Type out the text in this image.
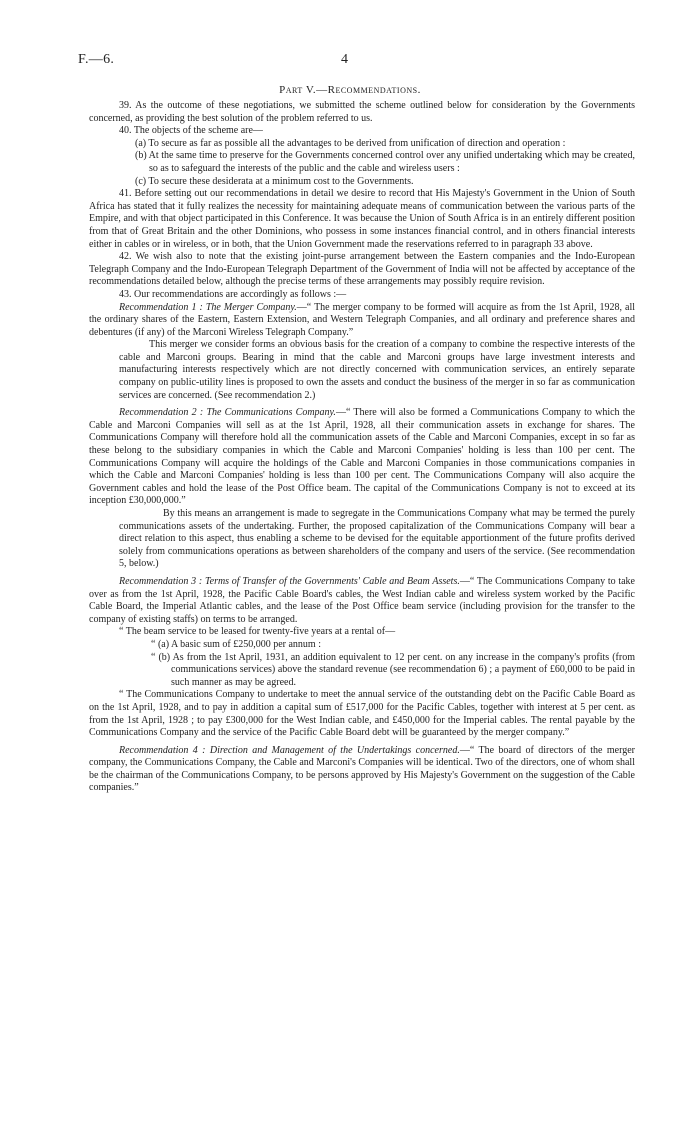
F.—6.	4
Part V.—Recommendations.

39. As the outcome of these negotiations, we submitted the scheme outlined below for consideration by the Governments concerned, as providing the best solution of the problem referred to us.

40. The objects of the scheme are—

(a) To secure as far as possible all the advantages to be derived from unification of direction and operation :
(b) At the same time to preserve for the Governments concerned control over any unified undertaking which may be created, so as to safeguard the interests of the public and the cable and wireless users :
(c) To secure these desiderata at a minimum cost to the Governments.

41. Before setting out our recommendations in detail we desire to record that His Majesty's Government in the Union of South Africa has stated that it fully realizes the necessity for maintaining adequate means of communication between the various parts of the Empire, and with that object participated in this Conference. It was because the Union of South Africa is in an entirely different position from that of Great Britain and the other Dominions, who possess in some instances financial control, and in others financial interests either in cables or in wireless, or in both, that the Union Government made the reservations referred to in paragraph 33 above.

42. We wish also to note that the existing joint-purse arrangement between the Eastern companies and the Indo-European Telegraph Company and the Indo-European Telegraph Department of the Government of India will not be affected by acceptance of the recommendations detailed below, although the precise terms of these arrangements may possibly require revision.

43. Our recommendations are accordingly as follows :—

Recommendation 1 : The Merger Company.—“ The merger company to be formed will acquire as from the 1st April, 1928, all the ordinary shares of the Eastern, Eastern Extension, and Western Telegraph Companies, and all ordinary and preference shares and debentures (if any) of the Marconi Wireless Telegraph Company.”

This merger we consider forms an obvious basis for the creation of a company to combine the respective interests of the cable and Marconi groups. Bearing in mind that the cable and Marconi groups have large investment interests and manufacturing interests respectively which are not directly concerned with communication services, an entirely separate company on public-utility lines is proposed to own the assets and conduct the business of the merger in so far as communication services are concerned. (See recommendation 2.)

Recommendation 2 : The Communications Company.—“ There will also be formed a Communications Company to which the Cable and Marconi Companies will sell as at the 1st April, 1928, all their communication assets in exchange for shares. The Communications Company will therefore hold all the communication assets of the Cable and Marconi Companies, except in so far as these belong to the subsidiary companies in which the Cable and Marconi Companies' holding is less than 100 per cent. The Communications Company will acquire the holdings of the Cable and Marconi Companies in those communications companies in which the Cable and Marconi Companies' holding is less than 100 per cent. The Communications Company will also acquire the Government cables and hold the lease of the Post Office beam. The capital of the Communications Company is not to exceed at its inception £30,000,000.”

By this means an arrangement is made to segregate in the Communications Company what may be termed the purely communications assets of the undertaking. Further, the proposed capitalization of the Communications Company will bear a direct relation to this aspect, thus enabling a scheme to be devised for the equitable apportionment of the future profits derived solely from communications operations as between shareholders of the company and users of the service. (See recommendation 5, below.)

Recommendation 3 : Terms of Transfer of the Governments' Cable and Beam Assets.—“ The Communications Company to take over as from the 1st April, 1928, the Pacific Cable Board's cables, the West Indian cable and wireless system worked by the Pacific Cable Board, the Imperial Atlantic cables, and the lease of the Post Office beam service (including provision for the transfer to the company of existing staffs) on terms to be arranged.

“ The beam service to be leased for twenty-five years at a rental of—

“ (a) A basic sum of £250,000 per annum :
“ (b) As from the 1st April, 1931, an addition equivalent to 12 per cent. on any increase in the company's profits (from communications services) above the standard revenue (see recommendation 6) ; a payment of £60,000 to be paid in such manner as may be agreed.

“ The Communications Company to undertake to meet the annual service of the outstanding debt on the Pacific Cable Board as on the 1st April, 1928, and to pay in addition a capital sum of £517,000 for the Pacific Cables, together with interest at 5 per cent. as from the 1st April, 1928 ; to pay £300,000 for the West Indian cable, and £450,000 for the Imperial cables. The rental payable by the Communications Company and the service of the Pacific Cable Board debt will be guaranteed by the merger company.”

Recommendation 4 : Direction and Management of the Undertakings concerned.—“ The board of directors of the merger company, the Communications Company, the Cable and Marconi's Companies will be identical. Two of the directors, one of whom shall be the chairman of the Communications Company, to be persons approved by His Majesty's Government on the suggestion of the Cable companies.”
